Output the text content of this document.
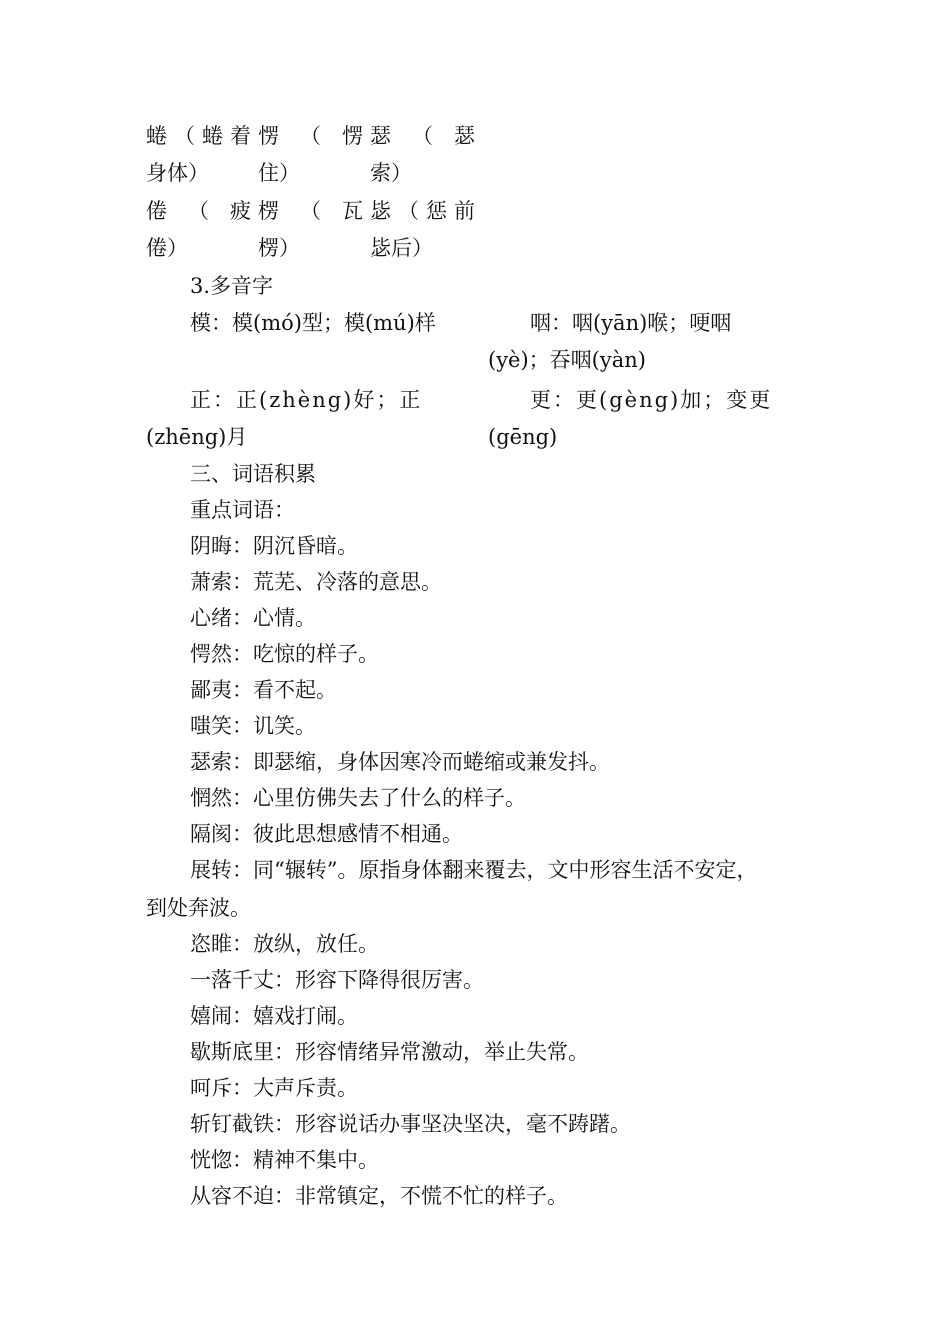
蜷（蜷着
身体）
愣（愣
住）
瑟（瑟
索）
倦（疲
倦）
楞（瓦
楞）
毖（惩前
毖后）
3.多音字
模：模(mó)型；模(mú)样	咽：咽(yān)喉；哽咽
(yè)；吞咽(yàn)
正：正(zhèng)好；正
(zhēng)月
更：更(gèng)加；变更
(gēng)
三、词语积累
重点词语：
阴晦：阴沉昏暗。
萧索：荒芜、冷落的意思。
心绪：心情。
愕然：吃惊的样子。
鄙夷：看不起。
嗤笑：讥笑。
瑟索：即瑟缩，身体因寒冷而蜷缩或兼发抖。
惘然：心里仿佛失去了什么的样子。
隔阂：彼此思想感情不相通。
展转：同“辗转”。原指身体翻来覆去，文中形容生活不安定，
到处奔波。
恣睢：放纵，放任。
一落千丈：形容下降得很厉害。
嬉闹：嬉戏打闹。
歇斯底里：形容情绪异常激动，举止失常。
呵斥：大声斥责。
斩钉截铁：形容说话办事坚决坚决，毫不踌躇。
恍惚：精神不集中。
从容不迫：非常镇定，不慌不忙的样子。
